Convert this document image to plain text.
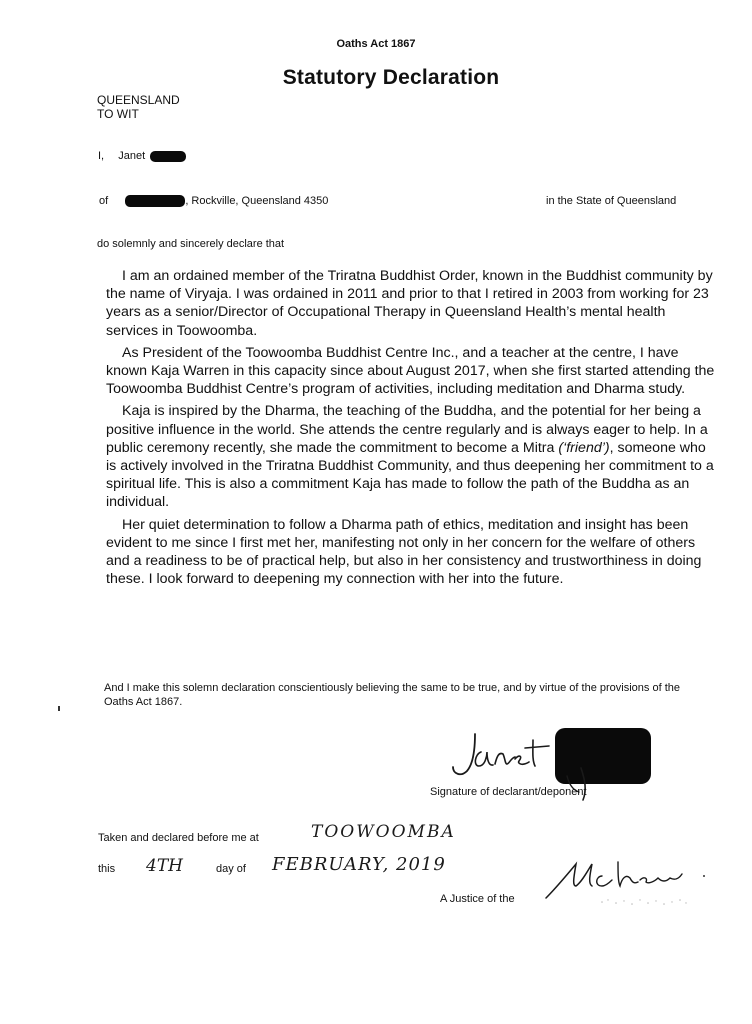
Oaths Act 1867
Statutory Declaration
QUEENSLAND
TO WIT
I, Janet
of	, Rockville, Queensland 4350	in the State of Queensland
do solemnly and sincerely declare that

I am an ordained member of the Triratna Buddhist Order, known in the Buddhist community by the name of Viryaja. I was ordained in 2011 and prior to that I retired in 2003 from working for 23 years as a senior/Director of Occupational Therapy in Queensland Health’s mental health services in Toowoomba.

As President of the Toowoomba Buddhist Centre Inc., and a teacher at the centre, I have known Kaja Warren in this capacity since about August 2017, when she first started attending the Toowoomba Buddhist Centre’s program of activities, including meditation and Dharma study.

Kaja is inspired by the Dharma, the teaching of the Buddha, and the potential for her being a positive influence in the world. She attends the centre regularly and is always eager to help. In a public ceremony recently, she made the commitment to become a Mitra (‘friend’), someone who is actively involved in the Triratna Buddhist Community, and thus deepening her commitment to a spiritual life. This is also a commitment Kaja has made to follow the path of the Buddha as an individual.

Her quiet determination to follow a Dharma path of ethics, meditation and insight has been evident to me since I first met her, manifesting not only in her concern for the welfare of others and a readiness to be of practical help, but also in her consistency and trustworthiness in doing these. I look forward to deepening my connection with her into the future.

And I make this solemn declaration conscientiously believing the same to be true, and by virtue of the provisions of the Oaths Act 1867.
Signature of declarant/deponent
Taken and declared before me at	TOOWOOMBA
this 4TH	day of FEBRUARY, 2019
A Justice of the
